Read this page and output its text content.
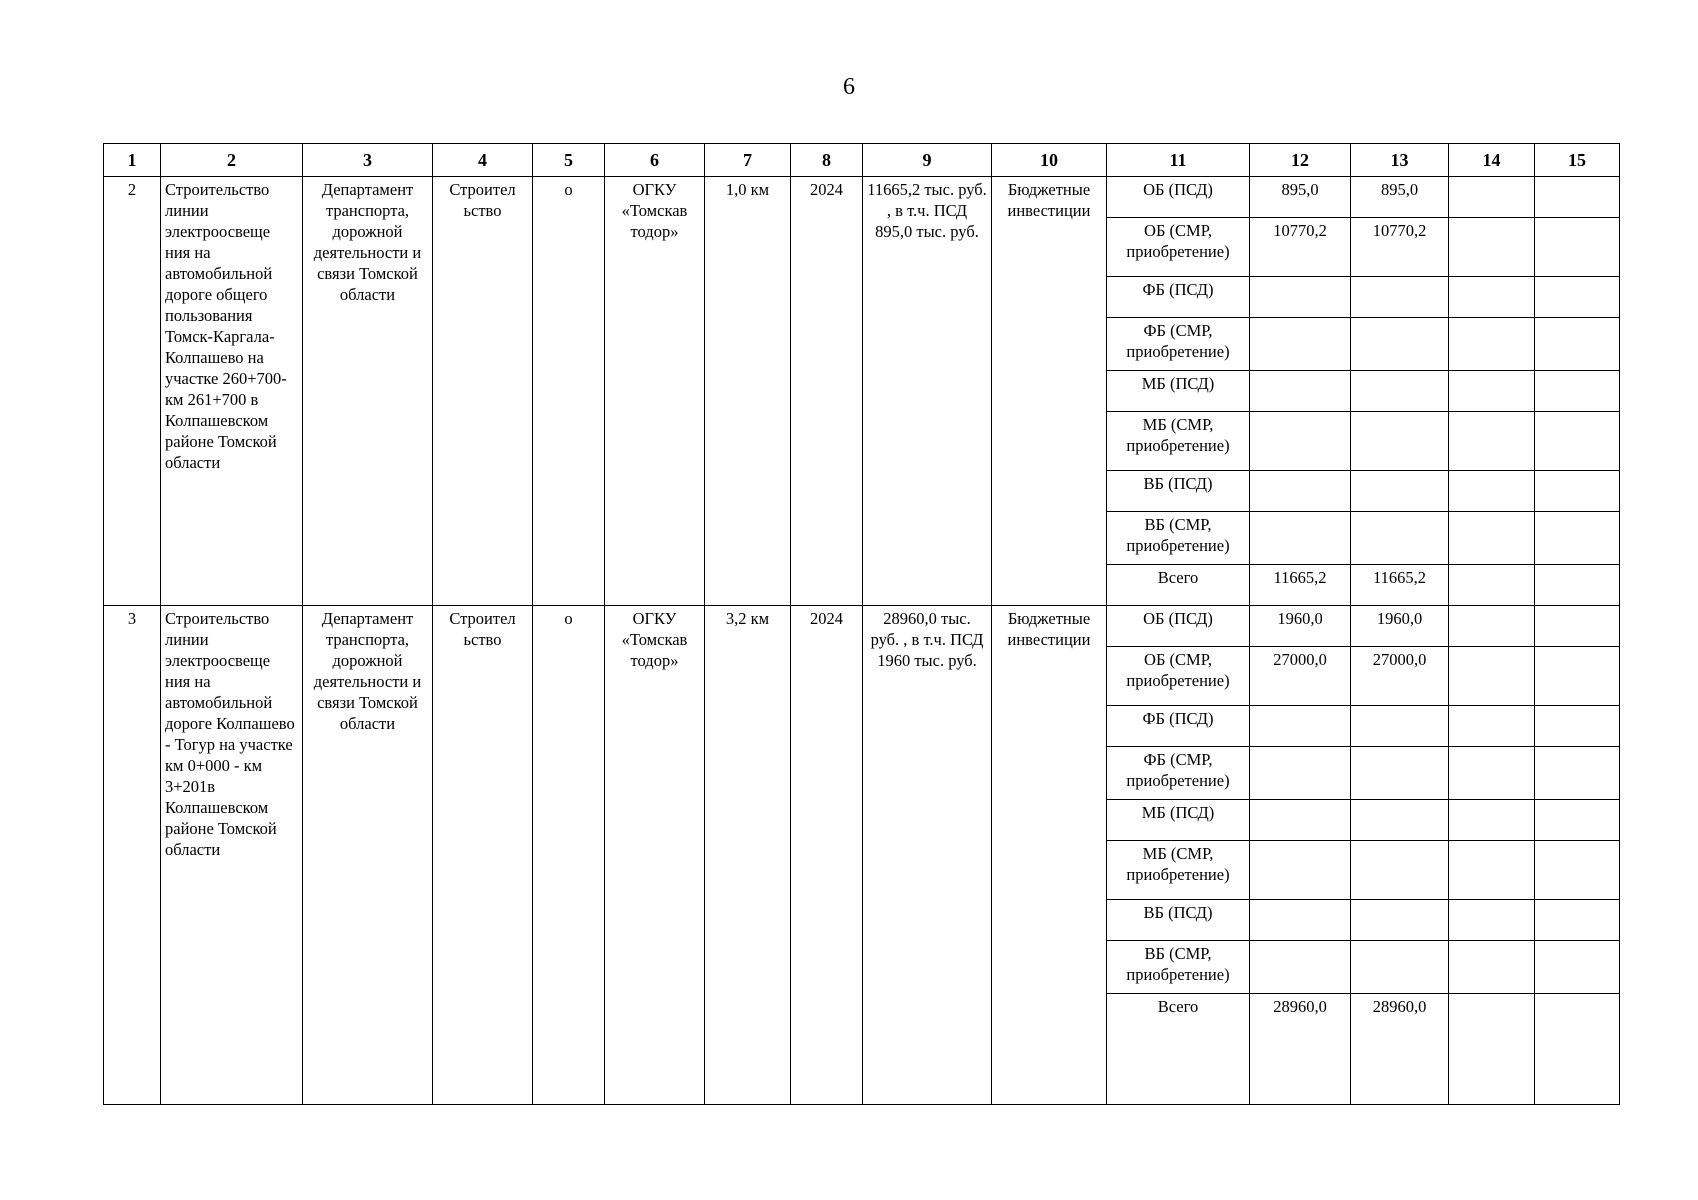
6
1	2	3	4	5	6	7	8	9	10	11	12	13	14	15
2	Строительство линии электроосвеще ния на автомобильной дороге общего пользования Томск-Каргала-Колпашево на участке 260+700- км 261+700 в Колпашевском районе Томской области	Департамент транспорта, дорожной деятельности и связи Томской области	Строител ьство	о	ОГКУ «Томскав тодор»	1,0 км	2024	11665,2 тыс. руб. , в т.ч. ПСД 895,0 тыс. руб.	Бюджетные инвестиции	ОБ (ПСД)	895,0	895,0		
										ОБ (СМР, приобретение)	10770,2	10770,2		
										ФБ (ПСД)				
										ФБ (СМР, приобретение)				
										МБ (ПСД)				
										МБ (СМР, приобретение)				
										ВБ (ПСД)				
										ВБ (СМР, приобретение)				
										Всего	11665,2	11665,2		
3	Строительство линии электроосвеще ния на автомобильной дороге Колпашево - Тогур на участке км 0+000 - км 3+201в Колпашевском районе Томской области	Департамент транспорта, дорожной деятельности и связи Томской области	Строител ьство	о	ОГКУ «Томскав тодор»	3,2 км	2024	28960,0 тыс. руб. , в т.ч. ПСД 1960 тыс. руб.	Бюджетные инвестиции	ОБ (ПСД)	1960,0	1960,0		
										ОБ (СМР, приобретение)	27000,0	27000,0		
										ФБ (ПСД)				
										ФБ (СМР, приобретение)				
										МБ (ПСД)				
										МБ (СМР, приобретение)				
										ВБ (ПСД)				
										ВБ (СМР, приобретение)				
										Всего	28960,0	28960,0		
